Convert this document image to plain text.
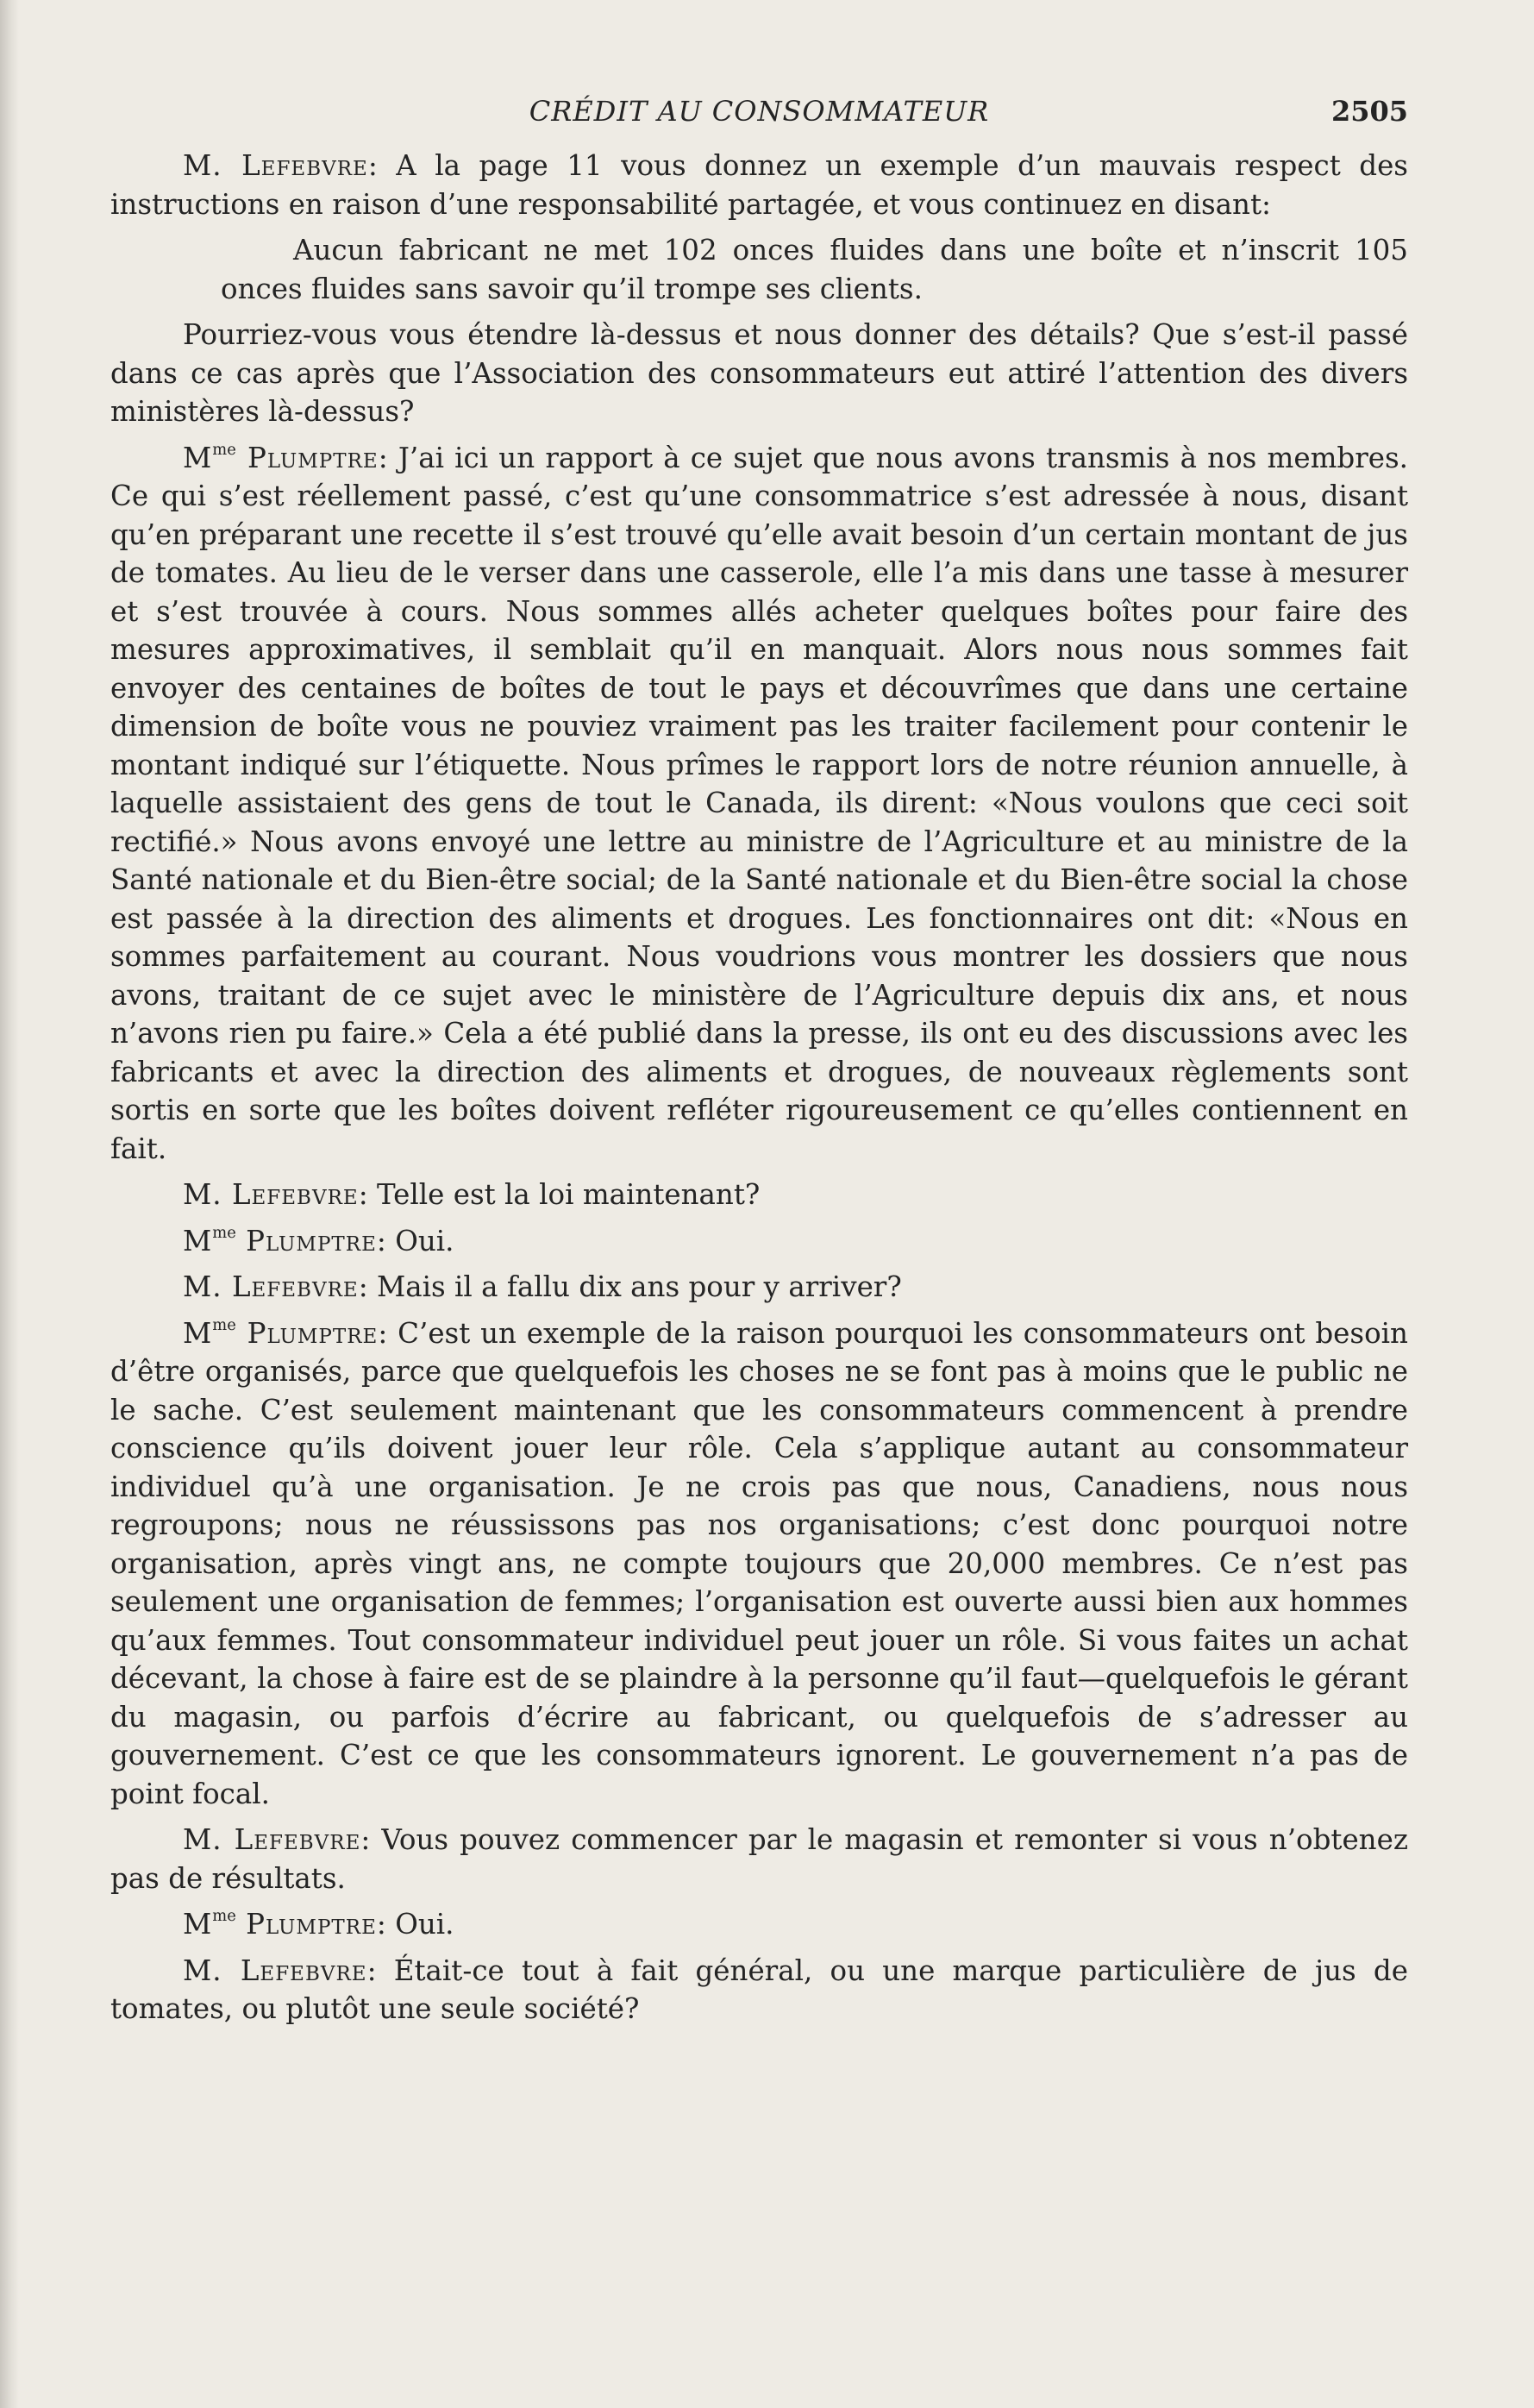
CRÉDIT AU CONSOMMATEUR	2505

M. Lefebvre: A la page 11 vous donnez un exemple d’un mauvais respect des instructions en raison d’une responsabilité partagée, et vous continuez en disant:

Aucun fabricant ne met 102 onces fluides dans une boîte et n’inscrit 105 onces fluides sans savoir qu’il trompe ses clients.

Pourriez-vous vous étendre là-dessus et nous donner des détails? Que s’est-il passé dans ce cas après que l’Association des consommateurs eut attiré l’attention des divers ministères là-dessus?

$M^{me}$ Plumptre: J’ai ici un rapport à ce sujet que nous avons transmis à nos membres. Ce qui s’est réellement passé, c’est qu’une consommatrice s’est adressée à nous, disant qu’en préparant une recette il s’est trouvé qu’elle avait besoin d’un certain montant de jus de tomates. Au lieu de le verser dans une casserole, elle l’a mis dans une tasse à mesurer et s’est trouvée à cours. Nous sommes allés acheter quelques boîtes pour faire des mesures approximatives, il semblait qu’il en manquait. Alors nous nous sommes fait envoyer des centaines de boîtes de tout le pays et découvrîmes que dans une certaine dimension de boîte vous ne pouviez vraiment pas les traiter facilement pour contenir le montant indiqué sur l’étiquette. Nous prîmes le rapport lors de notre réunion annuelle, à laquelle assistaient des gens de tout le Canada, ils dirent: «Nous voulons que ceci soit rectifié.» Nous avons envoyé une lettre au ministre de l’Agriculture et au ministre de la Santé nationale et du Bien-être social; de la Santé nationale et du Bien-être social la chose est passée à la direction des aliments et drogues. Les fonctionnaires ont dit: «Nous en sommes parfaitement au courant. Nous voudrions vous montrer les dossiers que nous avons, traitant de ce sujet avec le ministère de l’Agriculture depuis dix ans, et nous n’avons rien pu faire.» Cela a été publié dans la presse, ils ont eu des discussions avec les fabricants et avec la direction des aliments et drogues, de nouveaux règlements sont sortis en sorte que les boîtes doivent refléter rigoureusement ce qu’elles contiennent en fait.

M. Lefebvre: Telle est la loi maintenant?

$M^{me}$ Plumptre: Oui.

M. Lefebvre: Mais il a fallu dix ans pour y arriver?

$M^{me}$ Plumptre: C’est un exemple de la raison pourquoi les consommateurs ont besoin d’être organisés, parce que quelquefois les choses ne se font pas à moins que le public ne le sache. C’est seulement maintenant que les consommateurs commencent à prendre conscience qu’ils doivent jouer leur rôle. Cela s’applique autant au consommateur individuel qu’à une organisation. Je ne crois pas que nous, Canadiens, nous nous regroupons; nous ne réussissons pas nos organisations; c’est donc pourquoi notre organisation, après vingt ans, ne compte toujours que 20,000 membres. Ce n’est pas seulement une organisation de femmes; l’organisation est ouverte aussi bien aux hommes qu’aux femmes. Tout consommateur individuel peut jouer un rôle. Si vous faites un achat décevant, la chose à faire est de se plaindre à la personne qu’il faut—quelquefois le gérant du magasin, ou parfois d’écrire au fabricant, ou quelquefois de s’adresser au gouvernement. C’est ce que les consommateurs ignorent. Le gouvernement n’a pas de point focal.

M. Lefebvre: Vous pouvez commencer par le magasin et remonter si vous n’obtenez pas de résultats.

$M^{me}$ Plumptre: Oui.

M. Lefebvre: Était-ce tout à fait général, ou une marque particulière de jus de tomates, ou plutôt une seule société?
